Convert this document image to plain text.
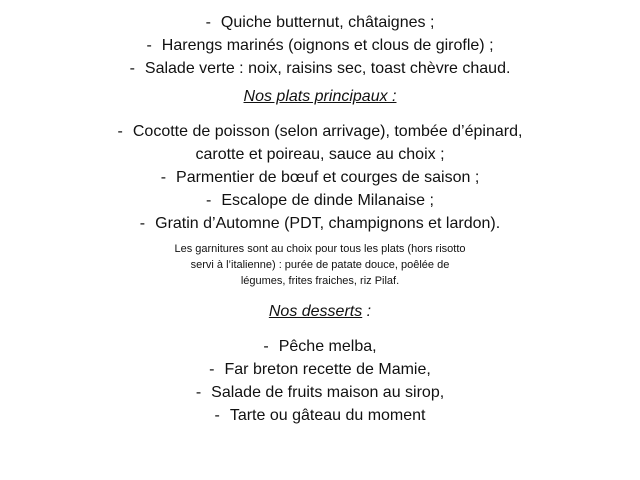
- Quiche butternut, châtaignes ;

- Harengs marinés (oignons et clous de girofle) ;

- Salade verte : noix, raisins sec, toast chèvre chaud.

Nos plats principaux :

- Cocotte de poisson (selon arrivage), tombée d’épinard, carotte et poireau, sauce au choix ;

- Parmentier de bœuf et courges de saison ;

- Escalope de dinde Milanaise ;

- Gratin d’Automne (PDT, champignons et lardon).

Les garnitures sont au choix pour tous les plats (hors risotto servi à l’italienne) : purée de patate douce, poêlée de légumes, frites fraiches, riz Pilaf.

Nos desserts :

- Pêche melba,

- Far breton recette de Mamie,

- Salade de fruits maison au sirop,

- Tarte ou gâteau du moment
